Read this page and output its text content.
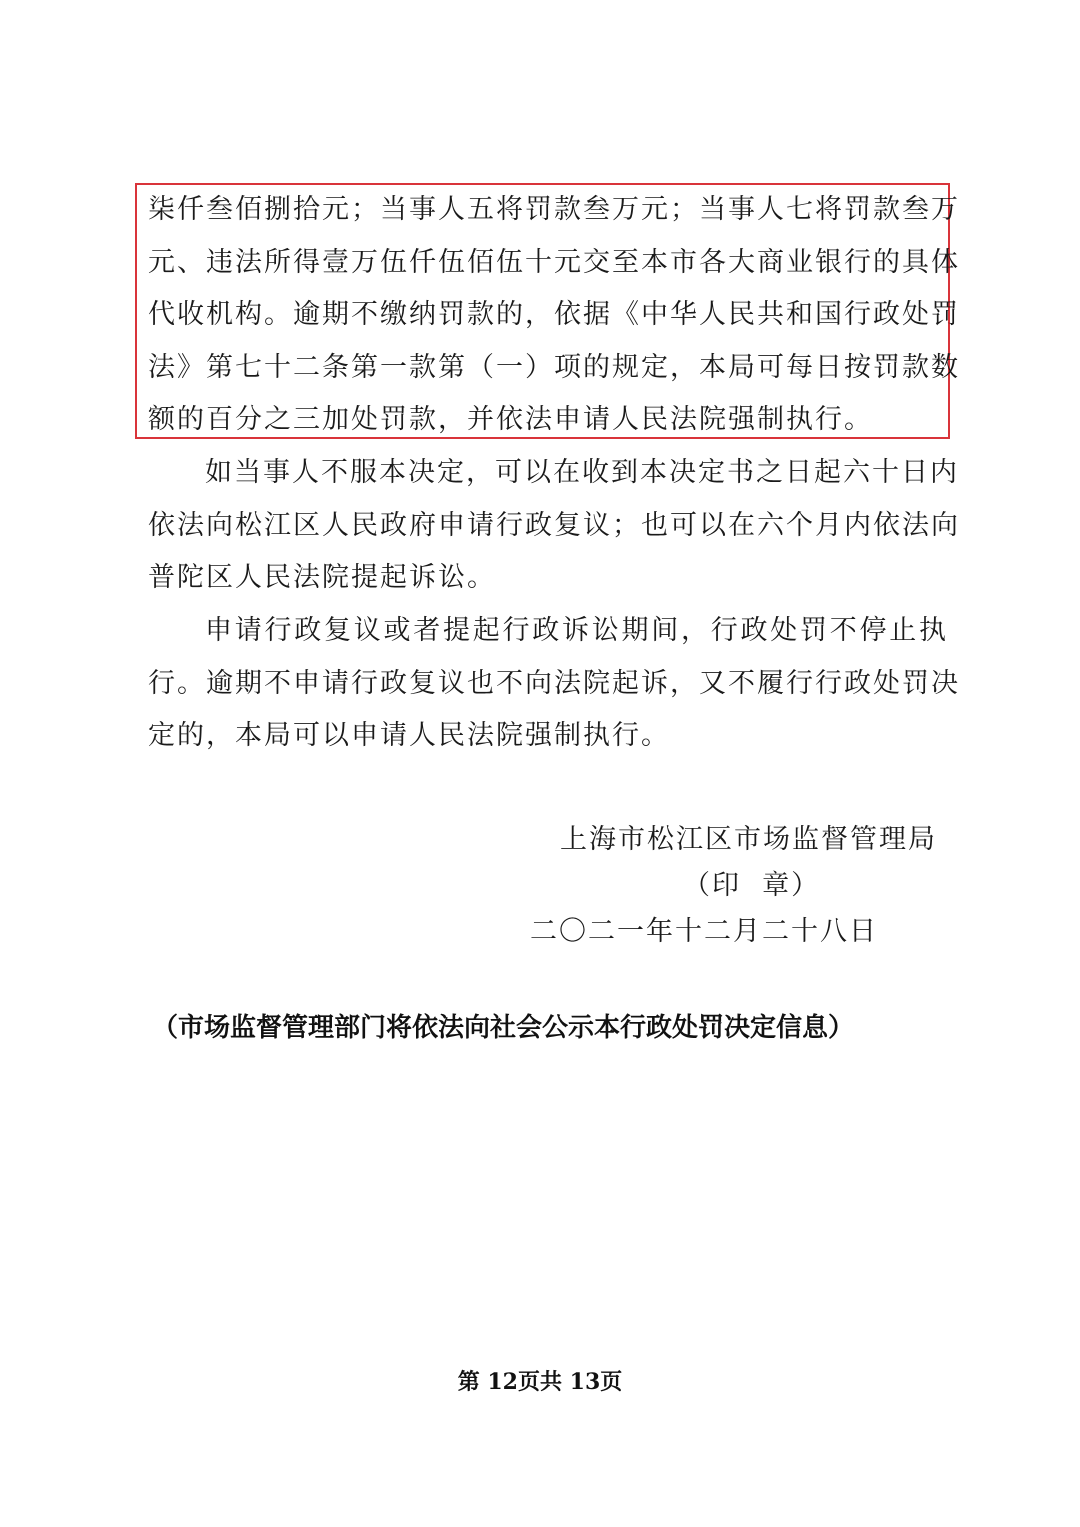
柒仟叁佰捌拾元；当事人五将罚款叁万元；当事人七将罚款叁万
元、违法所得壹万伍仟伍佰伍十元交至本市各大商业银行的具体
代收机构。逾期不缴纳罚款的，依据《中华人民共和国行政处罚
法》第七十二条第一款第（一）项的规定，本局可每日按罚款数
额的百分之三加处罚款，并依法申请人民法院强制执行。
如当事人不服本决定，可以在收到本决定书之日起六十日内
依法向松江区人民政府申请行政复议；也可以在六个月内依法向
普陀区人民法院提起诉讼。
申请行政复议或者提起行政诉讼期间，行政处罚不停止执
行。逾期不申请行政复议也不向法院起诉，又不履行行政处罚决
定的，本局可以申请人民法院强制执行。
上海市松江区市场监督管理局
（印  章）
二〇二一年十二月二十八日
（市场监督管理部门将依法向社会公示本行政处罚决定信息）
第 12页共 13页
